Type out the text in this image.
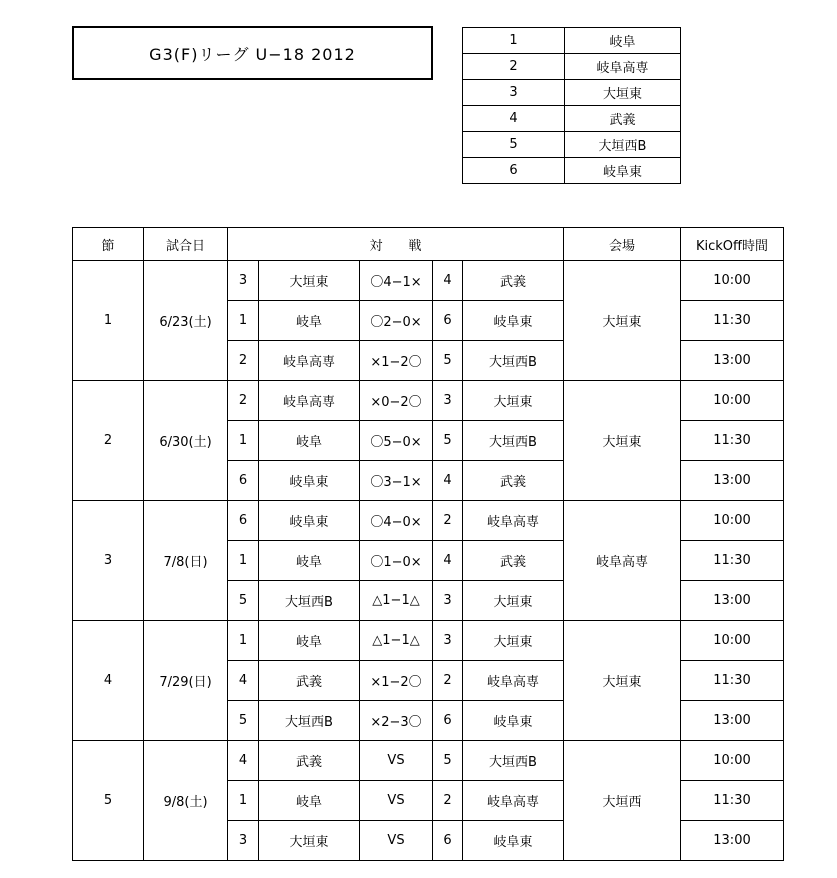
G3(F)リーグ U−18 2012
1	岐阜
2	岐阜高専
3	大垣東
4	武義
5	大垣西B
6	岐阜東
節	試合日	対　　戦					会場	KickOff時間
1	6/23(土)	3	大垣東	〇4−1×	4	武義	大垣東	10:00
		1	岐阜	〇2−0×	6	岐阜東		11:30
		2	岐阜高専	×1−2〇	5	大垣西B		13:00
2	6/30(土)	2	岐阜高専	×0−2〇	3	大垣東	大垣東	10:00
		1	岐阜	〇5−0×	5	大垣西B		11:30
		6	岐阜東	〇3−1×	4	武義		13:00
3	7/8(日)	6	岐阜東	〇4−0×	2	岐阜高専	岐阜高専	10:00
		1	岐阜	〇1−0×	4	武義		11:30
		5	大垣西B	△1−1△	3	大垣東		13:00
4	7/29(日)	1	岐阜	△1−1△	3	大垣東	大垣東	10:00
		4	武義	×1−2〇	2	岐阜高専		11:30
		5	大垣西B	×2−3〇	6	岐阜東		13:00
5	9/8(土)	4	武義	VS	5	大垣西B	大垣西	10:00
		1	岐阜	VS	2	岐阜高専		11:30
		3	大垣東	VS	6	岐阜東		13:00
